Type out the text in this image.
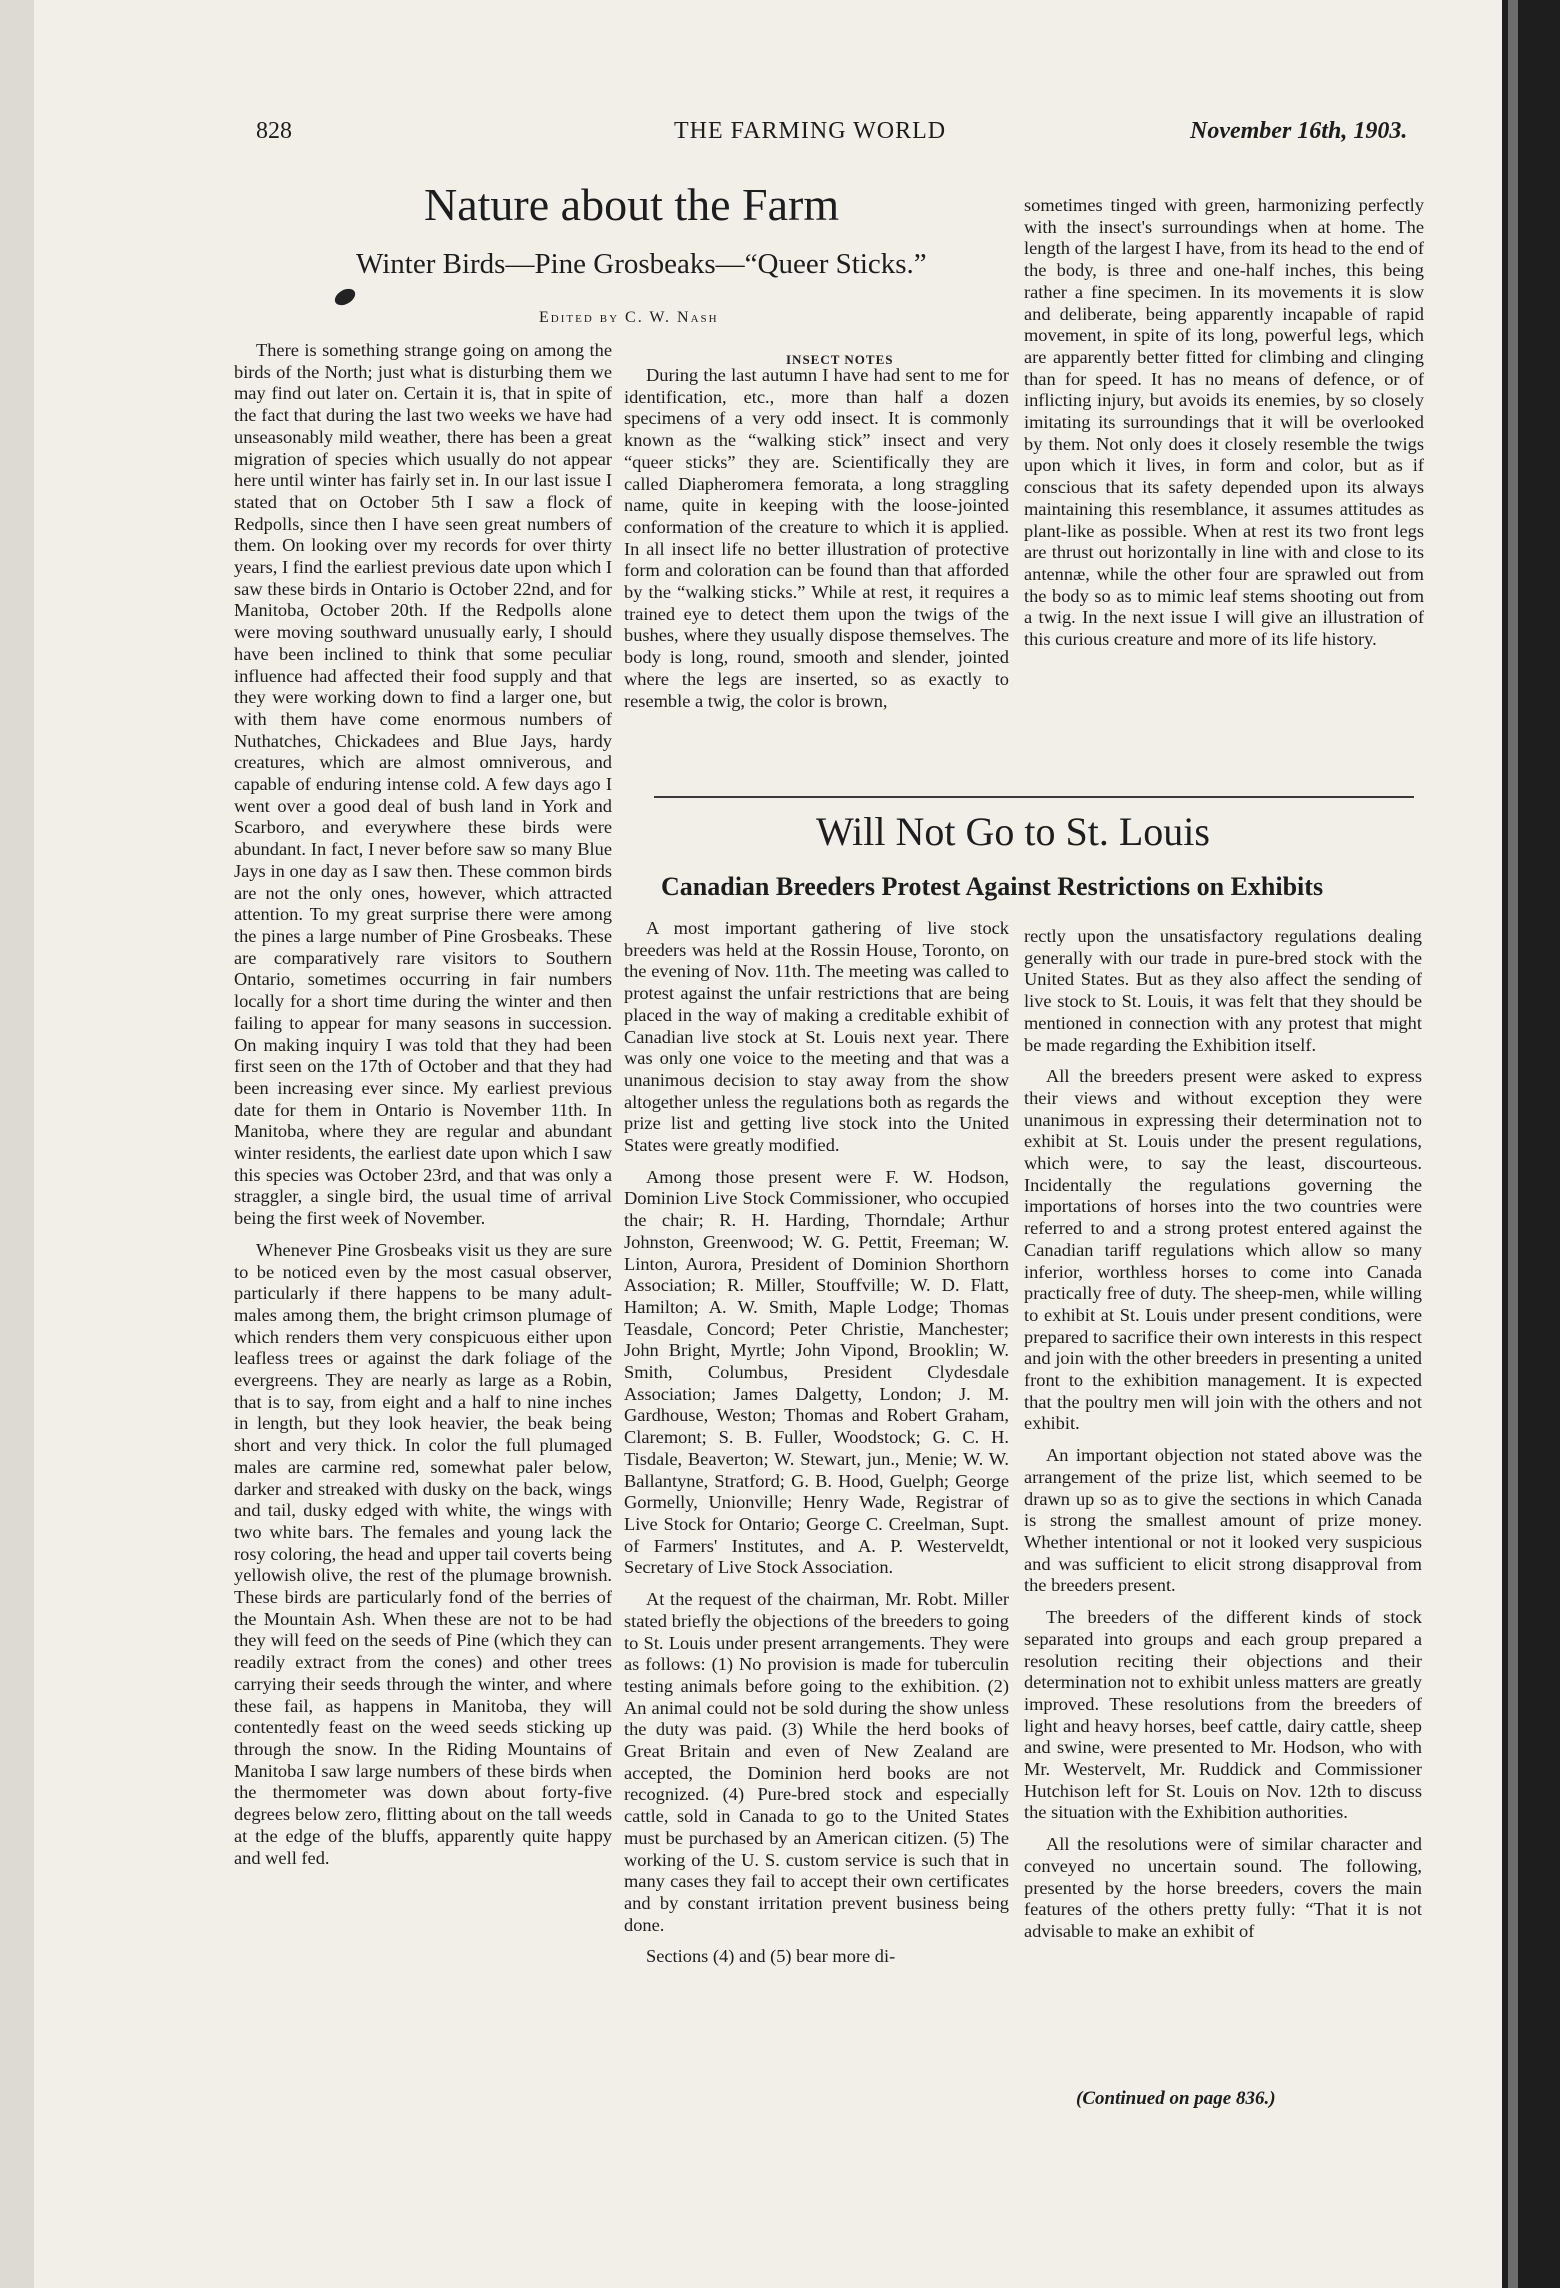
828	THE FARMING WORLD	November 16th, 1903.
Nature about the Farm
Winter Birds—Pine Grosbeaks—“Queer Sticks.”
Edited by C. W. Nash

There is something strange going on among the birds of the North; just what is disturbing them we may find out later on. Certain it is, that in spite of the fact that during the last two weeks we have had unseasonably mild weather, there has been a great migration of species which usually do not appear here until winter has fairly set in. In our last issue I stated that on October 5th I saw a flock of Redpolls, since then I have seen great numbers of them. On looking over my records for over thirty years, I find the earliest previous date upon which I saw these birds in Ontario is October 22nd, and for Manitoba, October 20th. If the Redpolls alone were moving southward unusually early, I should have been inclined to think that some peculiar influence had affected their food supply and that they were working down to find a larger one, but with them have come enormous numbers of Nuthatches, Chickadees and Blue Jays, hardy creatures, which are almost omniverous, and capable of enduring intense cold. A few days ago I went over a good deal of bush land in York and Scarboro, and everywhere these birds were abundant. In fact, I never before saw so many Blue Jays in one day as I saw then. These common birds are not the only ones, however, which attracted attention. To my great surprise there were among the pines a large number of Pine Grosbeaks. These are comparatively rare visitors to Southern Ontario, sometimes occurring in fair numbers locally for a short time during the winter and then failing to appear for many seasons in succession. On making inquiry I was told that they had been first seen on the 17th of October and that they had been increasing ever since. My earliest previous date for them in Ontario is November 11th. In Manitoba, where they are regular and abundant winter residents, the earliest date upon which I saw this species was October 23rd, and that was only a straggler, a single bird, the usual time of arrival being the first week of November.

Whenever Pine Grosbeaks visit us they are sure to be noticed even by the most casual observer, particularly if there happens to be many adult-males among them, the bright crimson plumage of which renders them very conspicuous either upon leafless trees or against the dark foliage of the evergreens. They are nearly as large as a Robin, that is to say, from eight and a half to nine inches in length, but they look heavier, the beak being short and very thick. In color the full plumaged males are carmine red, somewhat paler below, darker and streaked with dusky on the back, wings and tail, dusky edged with white, the wings with two white bars. The females and young lack the rosy coloring, the head and upper tail coverts being yellowish olive, the rest of the plumage brownish. These birds are particularly fond of the berries of the Mountain Ash. When these are not to be had they will feed on the seeds of Pine (which they can readily extract from the cones) and other trees carrying their seeds through the winter, and where these fail, as happens in Manitoba, they will contentedly feast on the weed seeds sticking up through the snow. In the Riding Mountains of Manitoba I saw large numbers of these birds when the thermometer was down about forty-five degrees below zero, flitting about on the tall weeds at the edge of the bluffs, apparently quite happy and well fed.

INSECT NOTES

During the last autumn I have had sent to me for identification, etc., more than half a dozen specimens of a very odd insect. It is commonly known as the “walking stick” insect and very “queer sticks” they are. Scientifically they are called Diapheromera femorata, a long straggling name, quite in keeping with the loose-jointed conformation of the creature to which it is applied. In all insect life no better illustration of protective form and coloration can be found than that afforded by the “walking sticks.” While at rest, it requires a trained eye to detect them upon the twigs of the bushes, where they usually dispose themselves. The body is long, round, smooth and slender, jointed where the legs are inserted, so as exactly to resemble a twig, the color is brown,

sometimes tinged with green, harmonizing perfectly with the insect's surroundings when at home. The length of the largest I have, from its head to the end of the body, is three and one-half inches, this being rather a fine specimen. In its movements it is slow and deliberate, being apparently incapable of rapid movement, in spite of its long, powerful legs, which are apparently better fitted for climbing and clinging than for speed. It has no means of defence, or of inflicting injury, but avoids its enemies, by so closely imitating its surroundings that it will be overlooked by them. Not only does it closely resemble the twigs upon which it lives, in form and color, but as if conscious that its safety depended upon its always maintaining this resemblance, it assumes attitudes as plant-like as possible. When at rest its two front legs are thrust out horizontally in line with and close to its antennæ, while the other four are sprawled out from the body so as to mimic leaf stems shooting out from a twig. In the next issue I will give an illustration of this curious creature and more of its life history.

Will Not Go to St. Louis
Canadian Breeders Protest Against Restrictions on Exhibits

A most important gathering of live stock breeders was held at the Rossin House, Toronto, on the evening of Nov. 11th. The meeting was called to protest against the unfair restrictions that are being placed in the way of making a creditable exhibit of Canadian live stock at St. Louis next year. There was only one voice to the meeting and that was a unanimous decision to stay away from the show altogether unless the regulations both as regards the prize list and getting live stock into the United States were greatly modified.

Among those present were F. W. Hodson, Dominion Live Stock Commissioner, who occupied the chair; R. H. Harding, Thorndale; Arthur Johnston, Greenwood; W. G. Pettit, Freeman; W. Linton, Aurora, President of Dominion Shorthorn Association; R. Miller, Stouffville; W. D. Flatt, Hamilton; A. W. Smith, Maple Lodge; Thomas Teasdale, Concord; Peter Christie, Manchester; John Bright, Myrtle; John Vipond, Brooklin; W. Smith, Columbus, President Clydesdale Association; James Dalgetty, London; J. M. Gardhouse, Weston; Thomas and Robert Graham, Claremont; S. B. Fuller, Woodstock; G. C. H. Tisdale, Beaverton; W. Stewart, jun., Menie; W. W. Ballantyne, Stratford; G. B. Hood, Guelph; George Gormelly, Unionville; Henry Wade, Registrar of Live Stock for Ontario; George C. Creelman, Supt. of Farmers' Institutes, and A. P. Westerveldt, Secretary of Live Stock Association.

At the request of the chairman, Mr. Robt. Miller stated briefly the objections of the breeders to going to St. Louis under present arrangements. They were as follows: (1) No provision is made for tuberculin testing animals before going to the exhibition. (2) An animal could not be sold during the show unless the duty was paid. (3) While the herd books of Great Britain and even of New Zealand are accepted, the Dominion herd books are not recognized. (4) Pure-bred stock and especially cattle, sold in Canada to go to the United States must be purchased by an American citizen. (5) The working of the U. S. custom service is such that in many cases they fail to accept their own certificates and by constant irritation prevent business being done.

Sections (4) and (5) bear more di-

rectly upon the unsatisfactory regulations dealing generally with our trade in pure-bred stock with the United States. But as they also affect the sending of live stock to St. Louis, it was felt that they should be mentioned in connection with any protest that might be made regarding the Exhibition itself.

All the breeders present were asked to express their views and without exception they were unanimous in expressing their determination not to exhibit at St. Louis under the present regulations, which were, to say the least, discourteous. Incidentally the regulations governing the importations of horses into the two countries were referred to and a strong protest entered against the Canadian tariff regulations which allow so many inferior, worthless horses to come into Canada practically free of duty. The sheep-men, while willing to exhibit at St. Louis under present conditions, were prepared to sacrifice their own interests in this respect and join with the other breeders in presenting a united front to the exhibition management. It is expected that the poultry men will join with the others and not exhibit.

An important objection not stated above was the arrangement of the prize list, which seemed to be drawn up so as to give the sections in which Canada is strong the smallest amount of prize money. Whether intentional or not it looked very suspicious and was sufficient to elicit strong disapproval from the breeders present.

The breeders of the different kinds of stock separated into groups and each group prepared a resolution reciting their objections and their determination not to exhibit unless matters are greatly improved. These resolutions from the breeders of light and heavy horses, beef cattle, dairy cattle, sheep and swine, were presented to Mr. Hodson, who with Mr. Westervelt, Mr. Ruddick and Commissioner Hutchison left for St. Louis on Nov. 12th to discuss the situation with the Exhibition authorities.

All the resolutions were of similar character and conveyed no uncertain sound. The following, presented by the horse breeders, covers the main features of the others pretty fully: “That it is not advisable to make an exhibit of

(Continued on page 836.)
